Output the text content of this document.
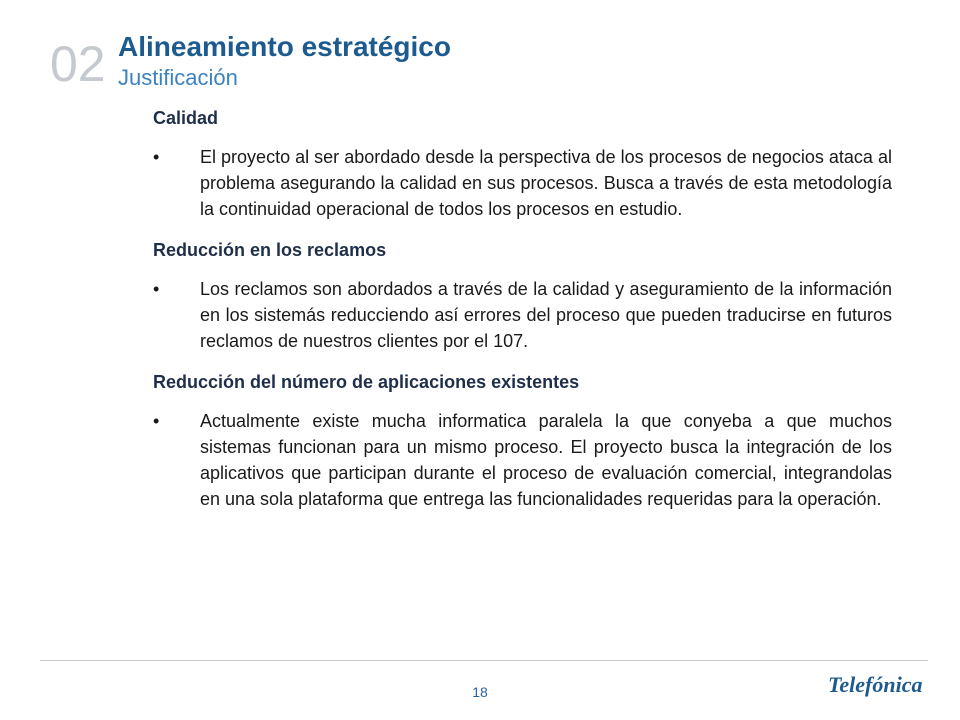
02 Alineamiento estratégico
Justificación
Calidad
•	El proyecto al ser abordado desde la perspectiva de los procesos de negocios ataca al problema asegurando la calidad en sus procesos. Busca a través de esta metodología la continuidad operacional de todos los procesos en estudio.
Reducción en los reclamos
•	Los reclamos son abordados a través de la calidad y aseguramiento de la información en los sistemás reducciendo así errores del proceso que pueden traducirse en futuros reclamos de nuestros clientes por el 107.
Reducción del número de aplicaciones existentes
•	Actualmente existe mucha informatica paralela la que conyeba a que muchos sistemas funcionan para un mismo proceso. El proyecto busca la integración de los aplicativos que participan durante el proceso de evaluación comercial, integrandolas en una sola plataforma que entrega las funcionalidades requeridas para la operación.
18	Telefónica
